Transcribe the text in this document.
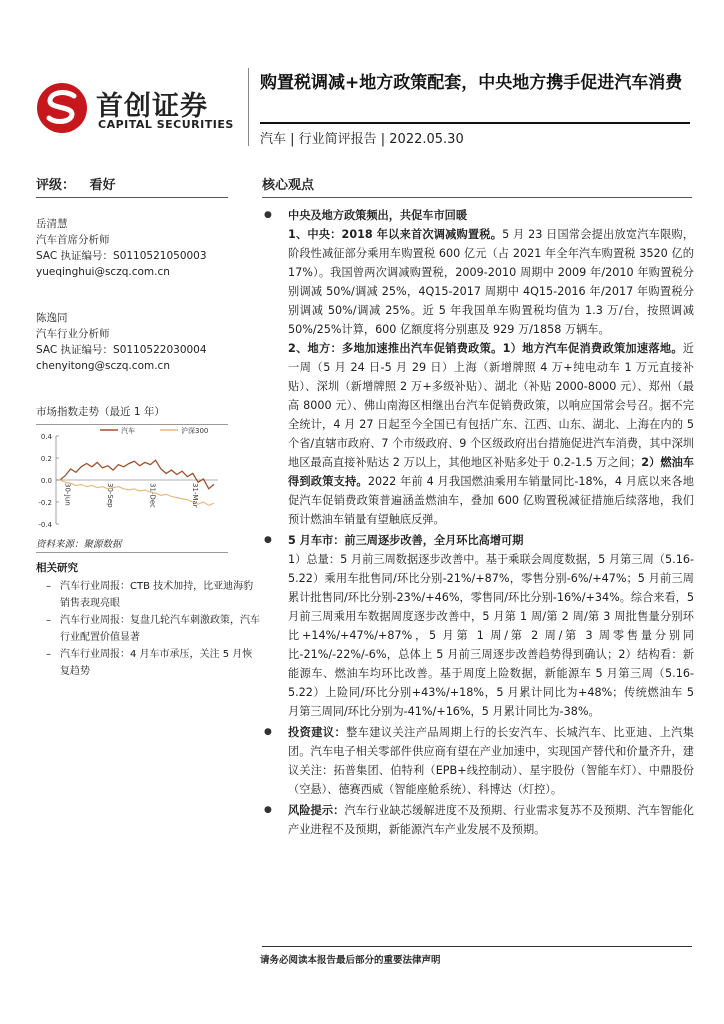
首创证券
CAPITAL SECURITIES
购置税调减+地方政策配套，中央地方携手促进汽车消费
汽车 | 行业简评报告 | 2022.05.30
评级： 看好	核心观点
岳清慧
汽车首席分析师
SAC 执证编号：S0110521050003
yueqinghui@sczq.com.cn
陈逸同
汽车行业分析师
SAC 执证编号：S0110522030004
chenyitong@sczq.com.cn
市场指数走势（最近 1 年）
汽车	沪深300
0.4
0.2
0.0
-0.2
-0.4
30-Jun	30-Sep	31-Dec	31-Mar
资料来源：聚源数据
相关研究
– 汽车行业周报：CTB 技术加持，比亚迪海豹销售表现亮眼
– 汽车行业周报：复盘几轮汽车刺激政策，汽车行业配置价值显著
– 汽车行业周报：4 月车市承压，关注 5 月恢复趋势
● 中央及地方政策频出，共促车市回暖
1、中央：2018 年以来首次调减购置税。5 月 23 日国常会提出放宽汽车限购，阶段性减征部分乘用车购置税 600 亿元（占 2021 年全年汽车购置税 3520 亿的 17%）。我国曾两次调减购置税，2009-2010 周期中 2009 年/2010 年购置税分别调减 50%/调减 25%，4Q15-2017 周期中 4Q15-2016 年/2017 年购置税分别调减 50%/调减 25%。近 5 年我国单车购置税均值为 1.3 万/台，按照调减 50%/25%计算，600 亿额度将分别惠及 929 万/1858 万辆车。
2、地方：多地加速推出汽车促销费政策。1）地方汽车促消费政策加速落地。近一周（5 月 24 日-5 月 29 日）上海（新增牌照 4 万+纯电动车 1 万元直接补贴）、深圳（新增牌照 2 万+多级补贴）、湖北（补贴 2000-8000 元）、郑州（最高 8000 元）、佛山南海区相继出台汽车促销费政策，以响应国常会号召。据不完全统计，4 月 27 日起至今全国已有包括广东、江西、山东、湖北、上海在内的 5 个省/直辖市政府、7 个市级政府、9 个区级政府出台措施促进汽车消费，其中深圳地区最高直接补贴达 2 万以上，其他地区补贴多处于 0.2-1.5 万之间；2）燃油车得到政策支持。2022 年前 4 月我国燃油乘用车销量同比-18%，4 月底以来各地促汽车促销费政策普遍涵盖燃油车，叠加 600 亿购置税减征措施后续落地，我们预计燃油车销量有望触底反弹。
● 5 月车市：前三周逐步改善，全月环比高增可期
1）总量：5 月前三周数据逐步改善中。基于乘联会周度数据，5 月第三周（5.16-5.22）乘用车批售同/环比分别-21%/+87%，零售分别-6%/+47%；5 月前三周累计批售同/环比分别-23%/+46%，零售同/环比分别-16%/+34%。综合来看，5 月前三周乘用车数据周度逐步改善中，5 月第 1 周/第 2 周/第 3 周批售量分别环比+14%/+47%/+87%，5 月第 1 周/第 2 周/第 3 周零售量分别同比-21%/-22%/-6%，总体上 5 月前三周逐步改善趋势得到确认；2）结构看：新能源车、燃油车均环比改善。基于周度上险数据，新能源车 5 月第三周（5.16-5.22）上险同/环比分别+43%/+18%，5 月累计同比为+48%；传统燃油车 5 月第三周同/环比分别为-41%/+16%，5 月累计同比为-38%。
● 投资建议：整车建议关注产品周期上行的长安汽车、长城汽车、比亚迪、上汽集团。汽车电子相关零部件供应商有望在产业加速中，实现国产替代和价量齐升，建议关注：拓普集团、伯特利（EPB+线控制动）、星宇股份（智能车灯）、中鼎股份（空悬）、德赛西威（智能座舱系统）、科博达（灯控）。
● 风险提示：汽车行业缺芯缓解进度不及预期、行业需求复苏不及预期、汽车智能化产业进程不及预期，新能源汽车产业发展不及预期。
请务必阅读本报告最后部分的重要法律声明
